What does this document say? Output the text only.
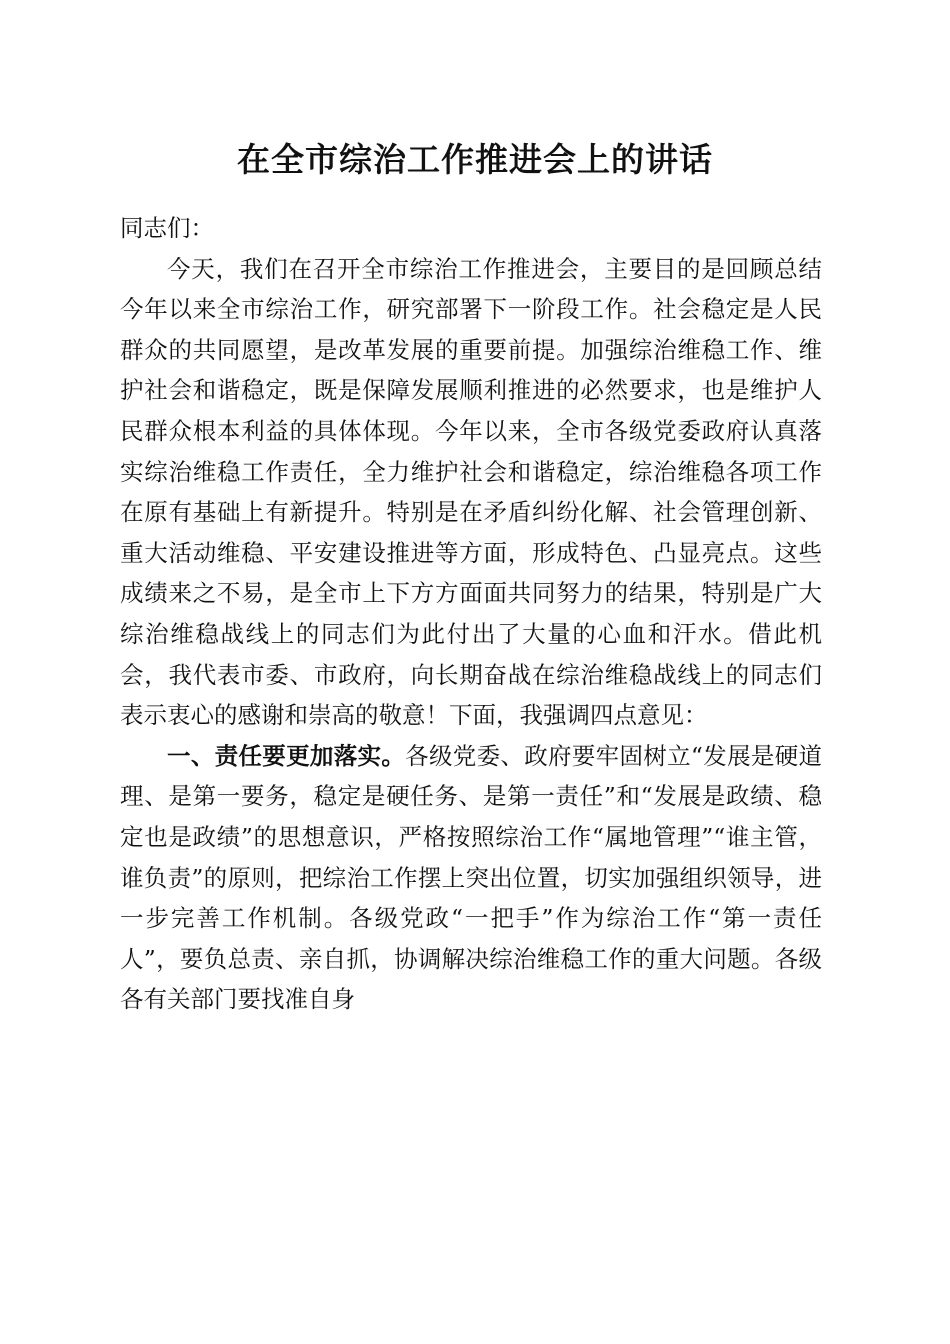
在全市综治工作推进会上的讲话

同志们：

今天，我们在召开全市综治工作推进会，主要目的是回顾总结今年以来全市综治工作，研究部署下一阶段工作。社会稳定是人民群众的共同愿望，是改革发展的重要前提。加强综治维稳工作、维护社会和谐稳定，既是保障发展顺利推进的必然要求，也是维护人民群众根本利益的具体体现。今年以来，全市各级党委政府认真落实综治维稳工作责任，全力维护社会和谐稳定，综治维稳各项工作在原有基础上有新提升。特别是在矛盾纠纷化解、社会管理创新、重大活动维稳、平安建设推进等方面，形成特色、凸显亮点。这些成绩来之不易，是全市上下方方面面共同努力的结果，特别是广大综治维稳战线上的同志们为此付出了大量的心血和汗水。借此机会，我代表市委、市政府，向长期奋战在综治维稳战线上的同志们表示衷心的感谢和崇高的敬意！下面，我强调四点意见：

一、责任要更加落实。各级党委、政府要牢固树立“发展是硬道理、是第一要务，稳定是硬任务、是第一责任”和“发展是政绩、稳定也是政绩”的思想意识，严格按照综治工作“属地管理”“谁主管，谁负责”的原则，把综治工作摆上突出位置，切实加强组织领导，进一步完善工作机制。各级党政“一把手”作为综治工作“第一责任人”，要负总责、亲自抓，协调解决综治维稳工作的重大问题。各级各有关部门要找准自身
